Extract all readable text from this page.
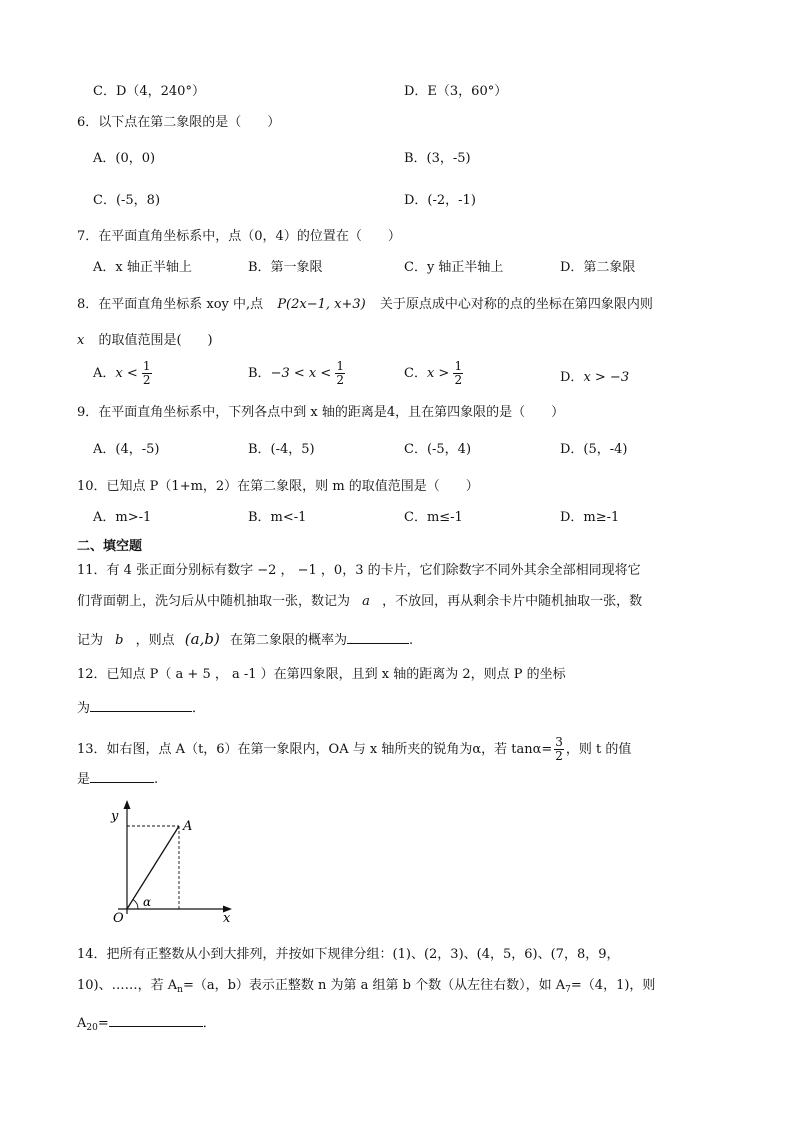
C．D（4，240°）	D．E（3，60°）
6．以下点在第二象限的是（　　）
A．(0，0)	B．(3，-5)
C．(-5，8)	D．(-2，-1)
7．在平面直角坐标系中，点（0，4）的位置在（　　）
A．x 轴正半轴上	B．第一象限	C．y 轴正半轴上	D．第二象限
8．在平面直角坐标系 xoy 中,点 P(2x−1, x+3) 关于原点成中心对称的点的坐标在第四象限内则
x 的取值范围是(　　)
A．$x < \frac{1}{2}$	B．$-3 < x < \frac{1}{2}$	C．$x > \frac{1}{2}$	D．x > −3
9．在平面直角坐标系中，下列各点中到 x 轴的距离是4，且在第四象限的是（　　）
A．(4，-5)	B．(-4，5)	C．(-5，4)	D．(5，-4)
10．已知点 P（1+m，2）在第二象限，则 m 的取值范围是（　　）
A．m>-1	B．m<-1	C．m≤-1	D．m≥-1
二、填空题
11．有 4 张正面分别标有数字 −2 ， −1 ，0，3 的卡片，它们除数字不同外其余全部相同现将它
们背面朝上，洗匀后从中随机抽取一张，数记为 a ，不放回，再从剩余卡片中随机抽取一张，数
记为 b ，则点 (a,b) 在第二象限的概率为	.
12．已知点 P（ a + 5 ， a -1 ）在第四象限，且到 x 轴的距离为 2，则点 P 的坐标
为	．
13．如右图，点 A（t，6）在第一象限内，OA 与 x 轴所夹的锐角为α，若 $\tan\alpha= \frac{3}{2}$ ，则 t 的值
是	.
y
A
α
O	x
14．把所有正整数从小到大排列，并按如下规律分组：(1)、(2，3)、(4，5，6)、(7，8，9，
10)、……，若 $A_n=(a$，b）表示正整数 n 为第 a 组第 b 个数（从左往右数），如 $A_7=(4$，1)，则
$A_{20}=$	．
